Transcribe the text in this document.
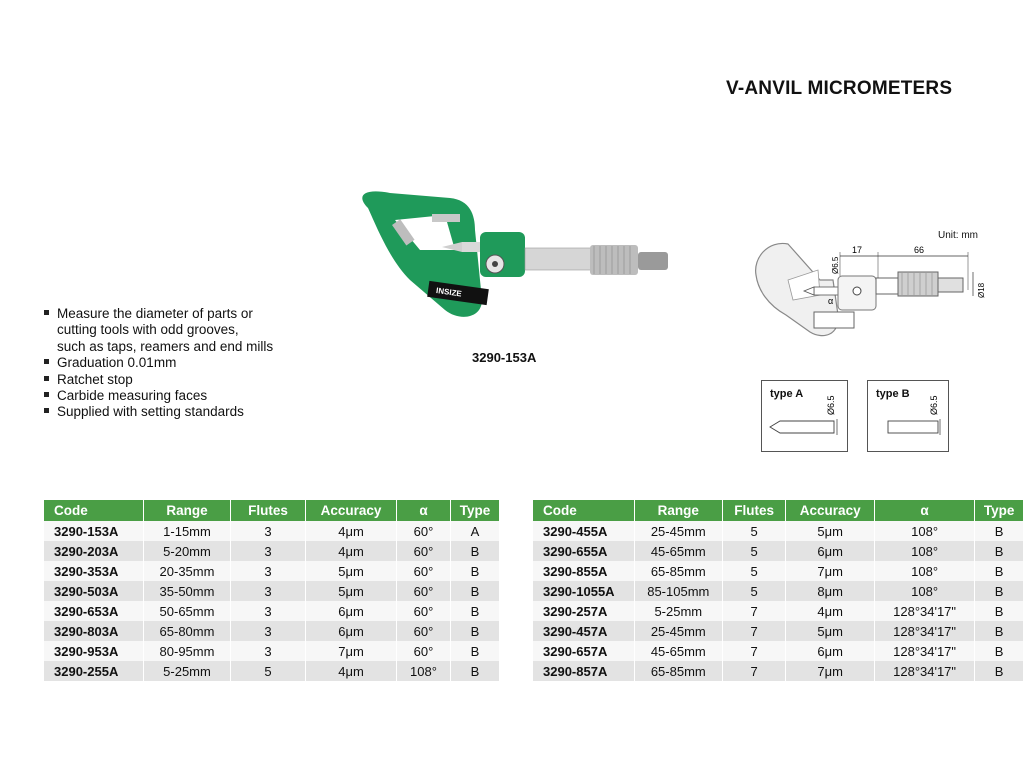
V-ANVIL MICROMETERS
INSIZE
3290-153A
Measure the diameter of parts or
cutting tools with odd grooves,
such as taps, reamers and end mills
Graduation 0.01mm
Ratchet stop
Carbide measuring faces
Supplied with setting standards
Unit: mm
17	66
Ø6.5
Ø18
α
type A
Ø6.5
type B
Ø6.5
Code	Range	Flutes	Accuracy	α	Type
3290-153A	1-15mm	3	4μm	60°	A
3290-203A	5-20mm	3	4μm	60°	B
3290-353A	20-35mm	3	5μm	60°	B
3290-503A	35-50mm	3	5μm	60°	B
3290-653A	50-65mm	3	6μm	60°	B
3290-803A	65-80mm	3	6μm	60°	B
3290-953A	80-95mm	3	7μm	60°	B
3290-255A	5-25mm	5	4μm	108°	B
Code	Range	Flutes	Accuracy	α	Type
3290-455A	25-45mm	5	5μm	108°	B
3290-655A	45-65mm	5	6μm	108°	B
3290-855A	65-85mm	5	7μm	108°	B
3290-1055A	85-105mm	5	8μm	108°	B
3290-257A	5-25mm	7	4μm	128°34'17"	B
3290-457A	25-45mm	7	5μm	128°34'17"	B
3290-657A	45-65mm	7	6μm	128°34'17"	B
3290-857A	65-85mm	7	7μm	128°34'17"	B
